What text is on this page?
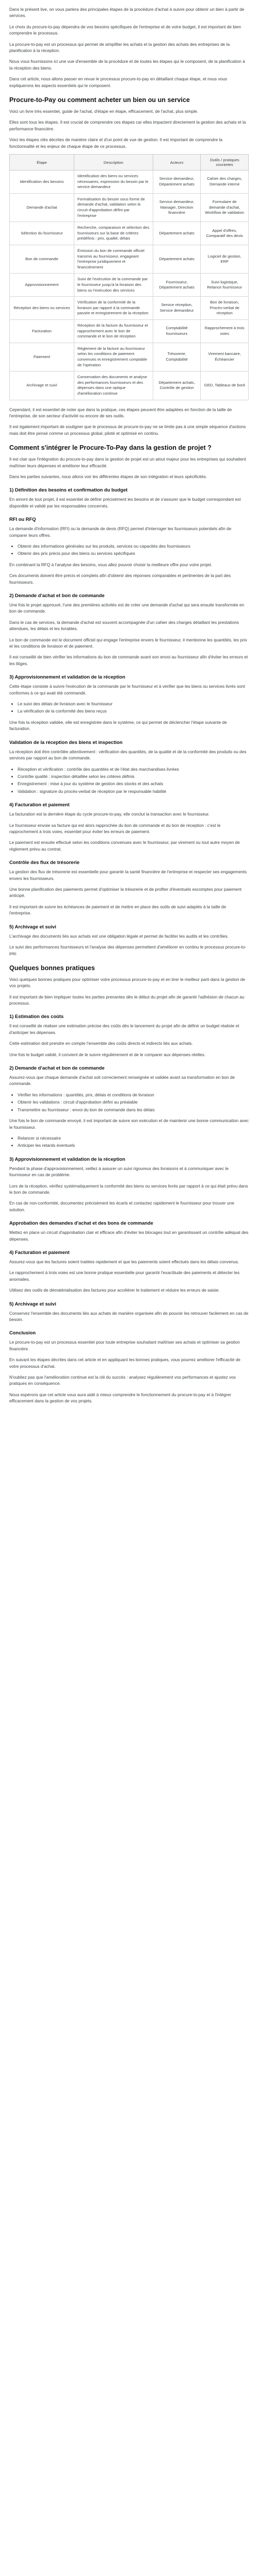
Dans le présent live, on vous parlera des principales étapes de la procédure d'achat à suivre pour obtenir un bien à partir de services.

Le choix du procure-to-pay dépendra de vos besoins spécifiques de l'entreprise et de votre budget, il est important de bien comprendre le processus.

La procure-to-pay est un processus qui permet de simplifier les achats et la gestion des achats des entreprises de la planification à la réception.

Nous vous fournissons ici une vue d'ensemble de la procédure et de toutes les étapes qui le composent, de la planification à la réception des biens.

Dans cet article, nous allons passer en revue le processus procure-to-pay en détaillant chaque étape, et nous vous expliquerons les aspects essentiels qui le composent.

Procure-to-Pay ou comment acheter un bien ou un service

Voici un livre très essentiel, guide de l'achat, d'étape en étape, efficacement, de l'achat, plus simple.

Elles sont tous les étapes. Il est crucial de comprendre ces étapes car elles impactent directement la gestion des achats et la performance financière.

Voici les étapes clés décrites de manière claire et d'un point de vue de gestion. Il est important de comprendre la fonctionnalité et les enjeux de chaque étape de ce processus.

Étape	Description	Acteurs	Outils / pratiques courantes
Identification des besoins	Identification des biens ou services nécessaires, expression du besoin par le service demandeur	Service demandeur, Département achats	Cahier des charges, Demande interne
Demande d'achat	Formalisation du besoin sous forme de demande d'achat, validation selon le circuit d'approbation défini par l'entreprise	Service demandeur, Manager, Direction financière	Formulaire de demande d'achat, Workflow de validation
Sélection du fournisseur	Recherche, comparaison et sélection des fournisseurs sur la base de critères prédéfinis : prix, qualité, délais	Département achats	Appel d'offres, Comparatif des devis
Bon de commande	Émission du bon de commande officiel transmis au fournisseur, engageant l'entreprise juridiquement et financièrement	Département achats	Logiciel de gestion, ERP
Approvisionnement	Suivi de l'exécution de la commande par le fournisseur jusqu'à la livraison des biens ou l'exécution des services	Fournisseur, Département achats	Suivi logistique, Relance fournisseur
Réception des biens ou services	Vérification de la conformité de la livraison par rapport à la commande passée et enregistrement de la réception	Service réception, Service demandeur	Bon de livraison, Procès-verbal de réception
Facturation	Réception de la facture du fournisseur et rapprochement avec le bon de commande et le bon de réception	Comptabilité fournisseurs	Rapprochement à trois voies
Paiement	Règlement de la facture au fournisseur selon les conditions de paiement convenues et enregistrement comptable de l'opération	Trésorerie, Comptabilité	Virement bancaire, Échéancier
Archivage et suivi	Conservation des documents et analyse des performances fournisseurs et des dépenses dans une optique d'amélioration continue	Département achats, Contrôle de gestion	GED, Tableaux de bord

Cependant, il est essentiel de noter que dans la pratique, ces étapes peuvent être adaptées en fonction de la taille de l'entreprise, de son secteur d'activité ou encore de ses outils.

Il est également important de souligner que le processus de procure-to-pay ne se limite pas à une simple séquence d'actions mais doit être pensé comme un processus global, piloté et optimisé en continu.

Comment s'intégrer le Procure-To-Pay dans la gestion de projet ?

Il est clair que l'intégration du procure-to-pay dans la gestion de projet est un atout majeur pour les entreprises qui souhaitent maîtriser leurs dépenses et améliorer leur efficacité.

Dans les parties suivantes, nous allons voir les différentes étapes de son intégration et leurs spécificités.

1) Définition des besoins et confirmation du budget

En amont de tout projet, il est essentiel de définir précisément les besoins et de s'assurer que le budget correspondant est disponible et validé par les responsables concernés.

RFI ou RFQ

La demande d'information (RFI) ou la demande de devis (RFQ) permet d'interroger les fournisseurs potentiels afin de comparer leurs offres.

• Obtenir des informations générales sur les produits, services ou capacités des fournisseurs
• Obtenir des prix précis pour des biens ou services spécifiques

En combinant la RFQ à l'analyse des besoins, vous allez pouvoir choisir la meilleure offre pour votre projet.

Ces documents doivent être précis et complets afin d'obtenir des réponses comparables et pertinentes de la part des fournisseurs.

2) Demande d'achat et bon de commande

Une fois le projet approuvé, l'une des premières activités est de créer une demande d'achat qui sera ensuite transformée en bon de commande.

Dans le cas de services, la demande d'achat est souvent accompagnée d'un cahier des charges détaillant les prestations attendues, les délais et les livrables.

Le bon de commande est le document officiel qui engage l'entreprise envers le fournisseur, il mentionne les quantités, les prix et les conditions de livraison et de paiement.

Il est conseillé de bien vérifier les informations du bon de commande avant son envoi au fournisseur afin d'éviter les erreurs et les litiges.

3) Approvisionnement et validation de la réception

Cette étape consiste à suivre l'exécution de la commande par le fournisseur et à vérifier que les biens ou services livrés sont conformes à ce qui avait été commandé.

• Le suivi des délais de livraison avec le fournisseur
• La vérification de la conformité des biens reçus

Une fois la réception validée, elle est enregistrée dans le système, ce qui permet de déclencher l'étape suivante de facturation.

Validation de la réception des biens et inspection

La réception doit être contrôlée attentivement : vérification des quantités, de la qualité et de la conformité des produits ou des services par rapport au bon de commande.

• Réception et vérification : contrôle des quantités et de l'état des marchandises livrées
• Contrôle qualité : inspection détaillée selon les critères définis
• Enregistrement : mise à jour du système de gestion des stocks et des achats
• Validation : signature du procès-verbal de réception par le responsable habilité
4) Facturation et paiement

La facturation est la dernière étape du cycle procure-to-pay, elle conclut la transaction avec le fournisseur.

Le fournisseur envoie sa facture qui est alors rapprochée du bon de commande et du bon de réception : c'est le rapprochement à trois voies, essentiel pour éviter les erreurs de paiement.

Le paiement est ensuite effectué selon les conditions convenues avec le fournisseur, par virement ou tout autre moyen de règlement prévu au contrat.

Contrôle des flux de trésorerie

La gestion des flux de trésorerie est essentielle pour garantir la santé financière de l'entreprise et respecter ses engagements envers les fournisseurs.

Une bonne planification des paiements permet d'optimiser la trésorerie et de profiter d'éventuels escomptes pour paiement anticipé.

Il est important de suivre les échéances de paiement et de mettre en place des outils de suivi adaptés à la taille de l'entreprise.

5) Archivage et suivi

L'archivage des documents liés aux achats est une obligation légale et permet de faciliter les audits et les contrôles.

Le suivi des performances fournisseurs et l'analyse des dépenses permettent d'améliorer en continu le processus procure-to-pay.

Quelques bonnes pratiques

Voici quelques bonnes pratiques pour optimiser votre processus procure-to-pay et en tirer le meilleur parti dans la gestion de vos projets.

Il est important de bien impliquer toutes les parties prenantes dès le début du projet afin de garantir l'adhésion de chacun au processus.

1) Estimation des coûts

Il est conseillé de réaliser une estimation précise des coûts dès le lancement du projet afin de définir un budget réaliste et d'anticiper les dépenses.

Cette estimation doit prendre en compte l'ensemble des coûts directs et indirects liés aux achats.

Une fois le budget validé, il convient de le suivre régulièrement et de le comparer aux dépenses réelles.

2) Demande d'achat et bon de commande

Assurez-vous que chaque demande d'achat soit correctement renseignée et validée avant sa transformation en bon de commande.

• Vérifier les informations : quantités, prix, délais et conditions de livraison
• Obtenir les validations : circuit d'approbation défini au préalable
• Transmettre au fournisseur : envoi du bon de commande dans les délais

Une fois le bon de commande envoyé, il est important de suivre son exécution et de maintenir une bonne communication avec le fournisseur.

• Relancer si nécessaire
• Anticiper les retards éventuels
3) Approvisionnement et validation de la réception

Pendant la phase d'approvisionnement, veillez à assurer un suivi rigoureux des livraisons et à communiquer avec le fournisseur en cas de problème.

Lors de la réception, vérifiez systématiquement la conformité des biens ou services livrés par rapport à ce qui était prévu dans le bon de commande.

En cas de non-conformité, documentez précisément les écarts et contactez rapidement le fournisseur pour trouver une solution.

Approbation des demandes d'achat et des bons de commande

Mettez en place un circuit d'approbation clair et efficace afin d'éviter les blocages tout en garantissant un contrôle adéquat des dépenses.

4) Facturation et paiement

Assurez-vous que les factures soient traitées rapidement et que les paiements soient effectués dans les délais convenus.

Le rapprochement à trois voies est une bonne pratique essentielle pour garantir l'exactitude des paiements et détecter les anomalies.

Utilisez des outils de dématérialisation des factures pour accélérer le traitement et réduire les erreurs de saisie.

5) Archivage et suivi

Conservez l'ensemble des documents liés aux achats de manière organisée afin de pouvoir les retrouver facilement en cas de besoin.

Conclusion

Le procure-to-pay est un processus essentiel pour toute entreprise souhaitant maîtriser ses achats et optimiser sa gestion financière.

En suivant les étapes décrites dans cet article et en appliquant les bonnes pratiques, vous pourrez améliorer l'efficacité de votre processus d'achat.

N'oubliez pas que l'amélioration continue est la clé du succès : analysez régulièrement vos performances et ajustez vos pratiques en conséquence.

Nous espérons que cet article vous aura aidé à mieux comprendre le fonctionnement du procure-to-pay et à l'intégrer efficacement dans la gestion de vos projets.
